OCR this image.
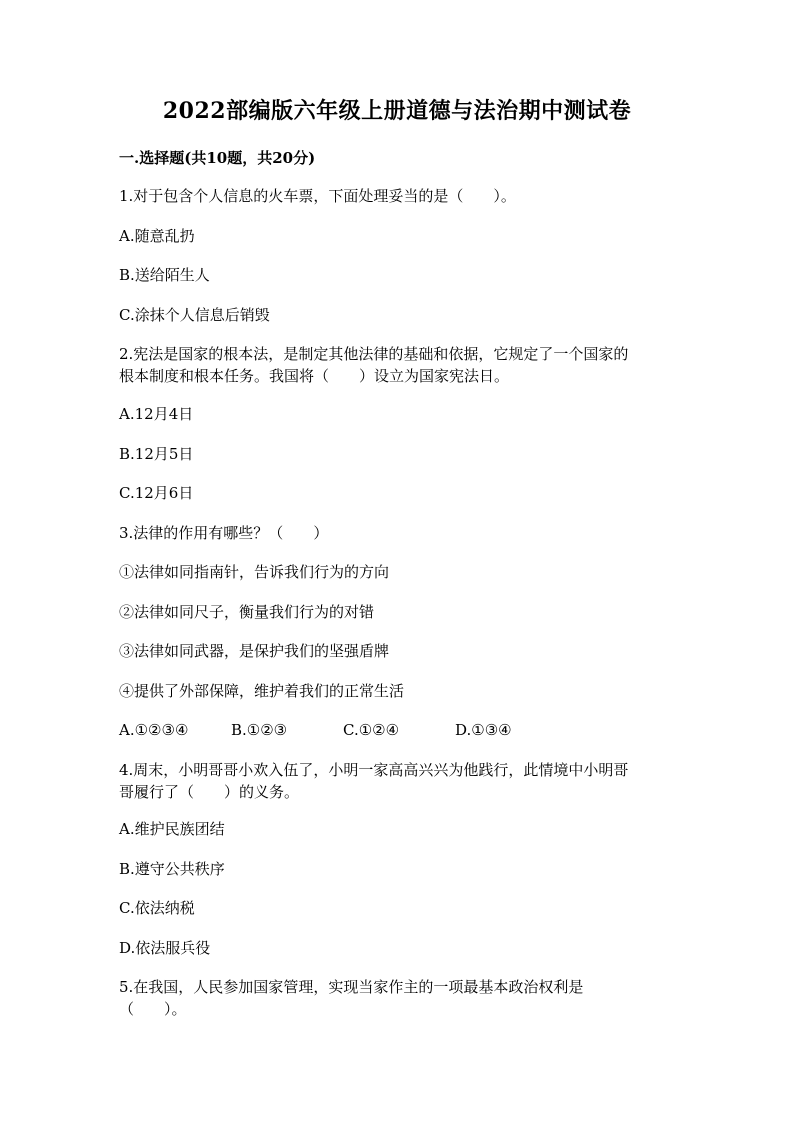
2022部编版六年级上册道德与法治期中测试卷
一.选择题(共10题，共20分)

1.对于包含个人信息的火车票，下面处理妥当的是（　　）。

A.随意乱扔

B.送给陌生人

C.涂抹个人信息后销毁

2.宪法是国家的根本法，是制定其他法律的基础和依据，它规定了一个国家的

根本制度和根本任务。我国将（　　）设立为国家宪法日。

A.12月4日

B.12月5日

C.12月6日

3.法律的作用有哪些？（　　）

①法律如同指南针，告诉我们行为的方向

②法律如同尺子，衡量我们行为的对错

③法律如同武器，是保护我们的坚强盾牌

④提供了外部保障，维护着我们的正常生活

A.①②③④	B.①②③	C.①②④	D.①③④

4.周末，小明哥哥小欢入伍了，小明一家高高兴兴为他践行，此情境中小明哥

哥履行了（　　）的义务。

A.维护民族团结

B.遵守公共秩序

C.依法纳税

D.依法服兵役

5.在我国，人民参加国家管理，实现当家作主的一项最基本政治权利是

（　　）。
